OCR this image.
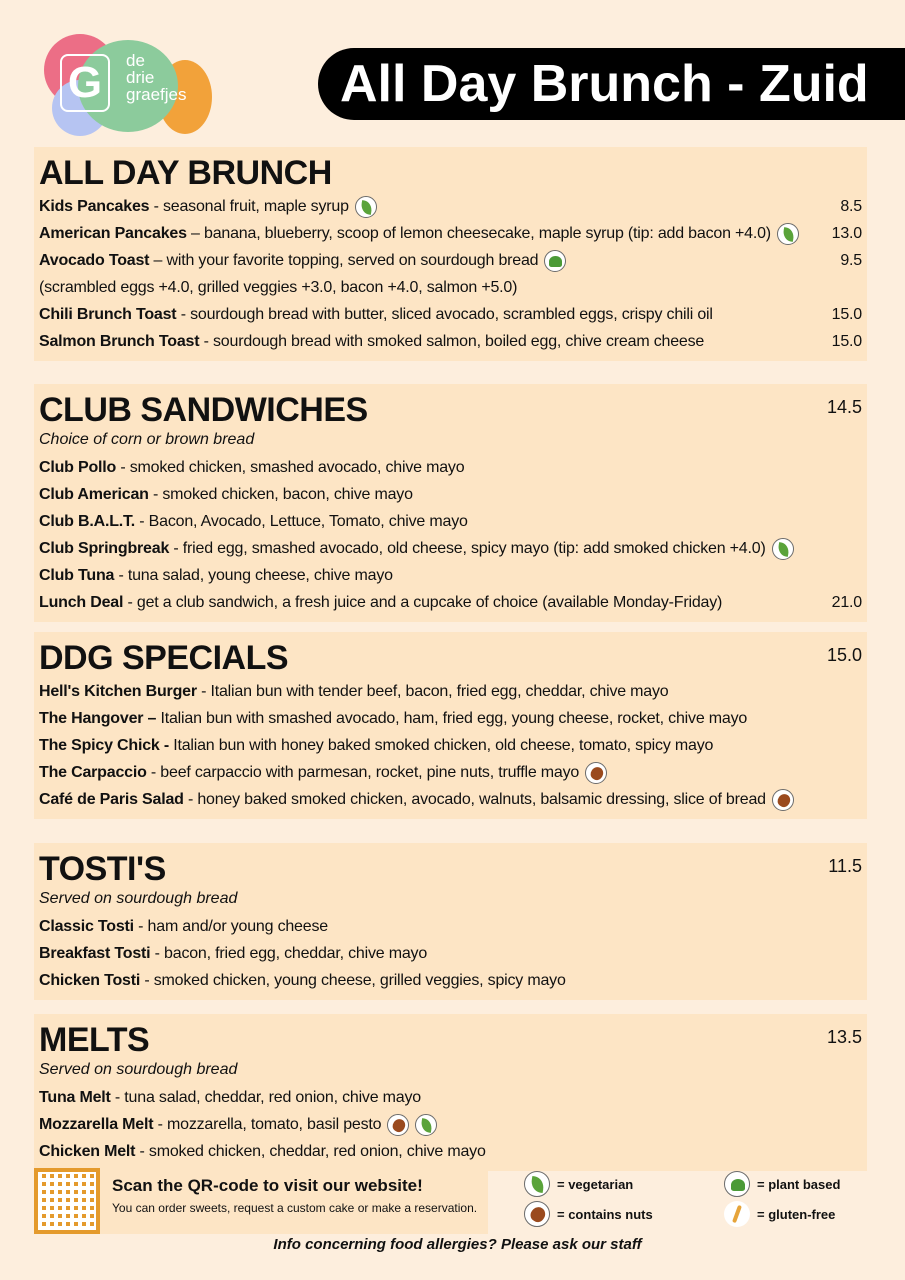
G	de
drie
graefjes	All Day Brunch - Zuid
ALL DAY BRUNCH
Kids Pancakes - seasonal fruit, maple syrup	8.5
American Pancakes – banana, blueberry, scoop of lemon cheesecake, maple syrup (tip: add bacon +4.0)	13.0
Avocado Toast – with your favorite topping, served on sourdough bread	9.5
(scrambled eggs +4.0, grilled veggies +3.0, bacon +4.0, salmon +5.0)
Chili Brunch Toast - sourdough bread with butter, sliced avocado, scrambled eggs, crispy chili oil	15.0
Salmon Brunch Toast - sourdough bread with smoked salmon, boiled egg, chive cream cheese	15.0
CLUB SANDWICHES	14.5
Choice of corn or brown bread
Club Pollo - smoked chicken, smashed avocado, chive mayo
Club American - smoked chicken, bacon, chive mayo
Club B.A.L.T. - Bacon, Avocado, Lettuce, Tomato, chive mayo
Club Springbreak - fried egg, smashed avocado, old cheese, spicy mayo (tip: add smoked chicken +4.0)
Club Tuna - tuna salad, young cheese, chive mayo
Lunch Deal - get a club sandwich, a fresh juice and a cupcake of choice (available Monday-Friday)	21.0
DDG SPECIALS	15.0
Hell's Kitchen Burger - Italian bun with tender beef, bacon, fried egg, cheddar, chive mayo
The Hangover – Italian bun with smashed avocado, ham, fried egg, young cheese, rocket, chive mayo
The Spicy Chick - Italian bun with honey baked smoked chicken, old cheese, tomato, spicy mayo
The Carpaccio - beef carpaccio with parmesan, rocket, pine nuts, truffle mayo
Café de Paris Salad - honey baked smoked chicken, avocado, walnuts, balsamic dressing, slice of bread
TOSTI'S	11.5
Served on sourdough bread
Classic Tosti - ham and/or young cheese
Breakfast Tosti - bacon, fried egg, cheddar, chive mayo
Chicken Tosti - smoked chicken, young cheese, grilled veggies, spicy mayo
MELTS	13.5
Served on sourdough bread
Tuna Melt - tuna salad, cheddar, red onion, chive mayo
Mozzarella Melt - mozzarella, tomato, basil pesto
Chicken Melt - smoked chicken, cheddar, red onion, chive mayo
Scan the QR-code to visit our website!
You can order sweets, request a custom cake or make a reservation.
= vegetarian
= contains nuts
= plant based
= gluten-free
Info concerning food allergies? Please ask our staff
